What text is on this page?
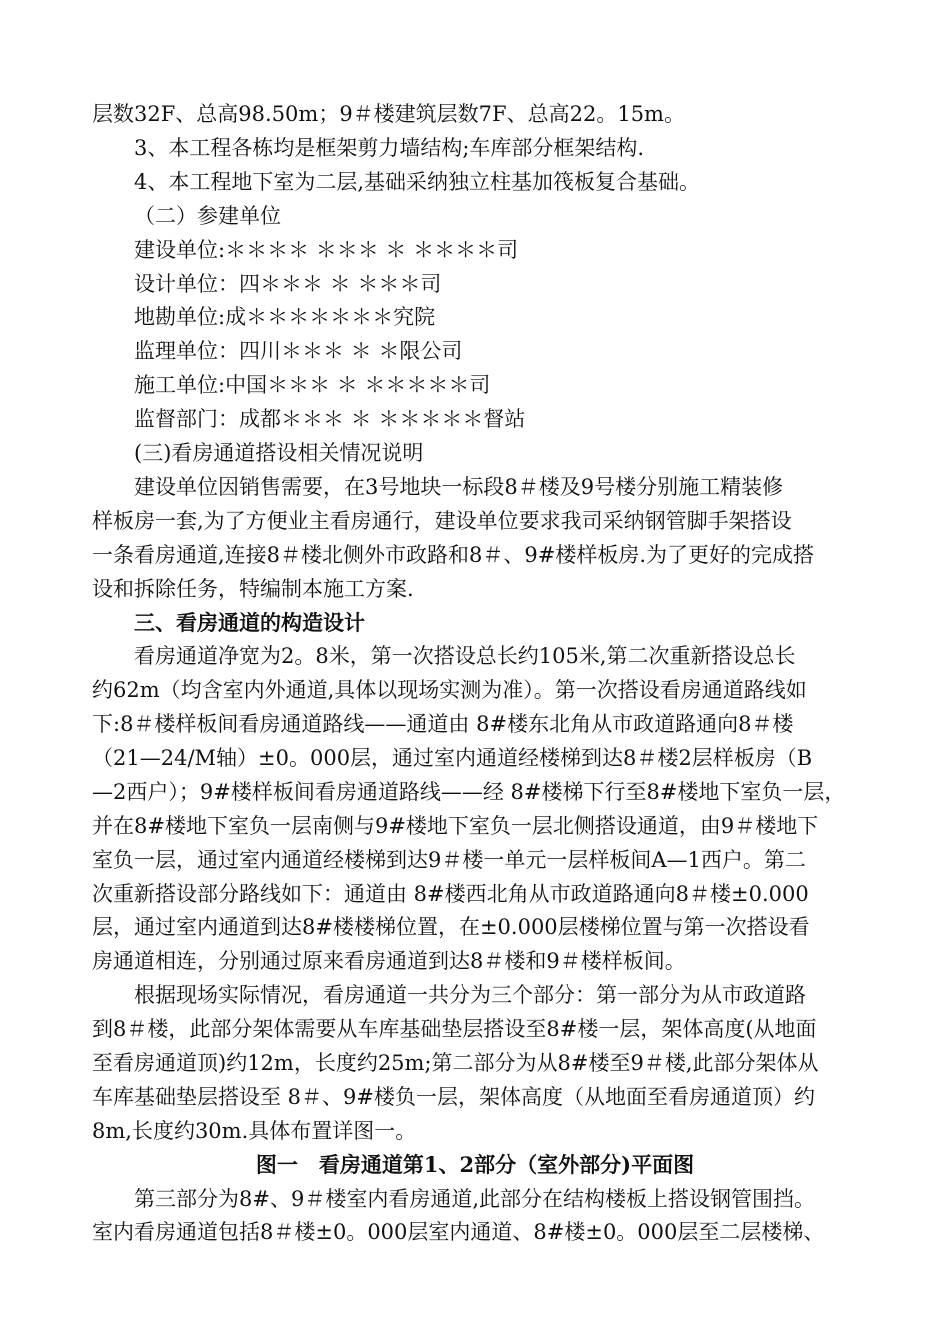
层数32F、总高98.50m；9＃楼建筑层数7F、总高22。15m。
3、本工程各栋均是框架剪力墙结构;车库部分框架结构.
4、本工程地下室为二层,基础采纳独立柱基加筏板复合基础。
（二）参建单位
建设单位:＊＊＊＊ ＊＊＊ ＊ ＊＊＊＊司
设计单位：四＊＊＊ ＊ ＊＊＊司
地勘单位:成＊＊＊＊＊＊＊究院
监理单位：四川＊＊＊ ＊ ＊限公司
施工单位:中国＊＊＊ ＊ ＊＊＊＊＊司
监督部门：成都＊＊＊ ＊ ＊＊＊＊＊督站
(三)看房通道搭设相关情况说明
建设单位因销售需要，在3号地块一标段8＃楼及9号楼分别施工精装修
样板房一套,为了方便业主看房通行，建设单位要求我司采纳钢管脚手架搭设
一条看房通道,连接8＃楼北侧外市政路和8＃、9#楼样板房.为了更好的完成搭
设和拆除任务，特编制本施工方案.
三、看房通道的构造设计
看房通道净宽为2。8米，第一次搭设总长约105米,第二次重新搭设总长
约62m（均含室内外通道,具体以现场实测为准）。第一次搭设看房通道路线如
下:8＃楼样板间看房通道路线——通道由 8#楼东北角从市政道路通向8＃楼
（21—24/M轴）±0。000层，通过室内通道经楼梯到达8＃楼2层样板房（B
—2西户）；9#楼样板间看房通道路线——经 8#楼梯下行至8#楼地下室负一层，
并在8#楼地下室负一层南侧与9#楼地下室负一层北侧搭设通道，由9＃楼地下
室负一层，通过室内通道经楼梯到达9＃楼一单元一层样板间A—1西户。第二
次重新搭设部分路线如下：通道由 8#楼西北角从市政道路通向8＃楼±0.000
层，通过室内通道到达8#楼楼梯位置，在±0.000层楼梯位置与第一次搭设看
房通道相连，分别通过原来看房通道到达8＃楼和9＃楼样板间。
根据现场实际情况，看房通道一共分为三个部分：第一部分为从市政道路
到8＃楼，此部分架体需要从车库基础垫层搭设至8#楼一层，架体高度(从地面
至看房通道顶)约12m，长度约25m;第二部分为从8#楼至9＃楼,此部分架体从
车库基础垫层搭设至 8＃、9#楼负一层，架体高度（从地面至看房通道顶）约
8m,长度约30m.具体布置详图一。
图一　看房通道第1、2部分（室外部分)平面图
第三部分为8#、9＃楼室内看房通道,此部分在结构楼板上搭设钢管围挡。
室内看房通道包括8＃楼±0。000层室内通道、8#楼±0。000层至二层楼梯、
